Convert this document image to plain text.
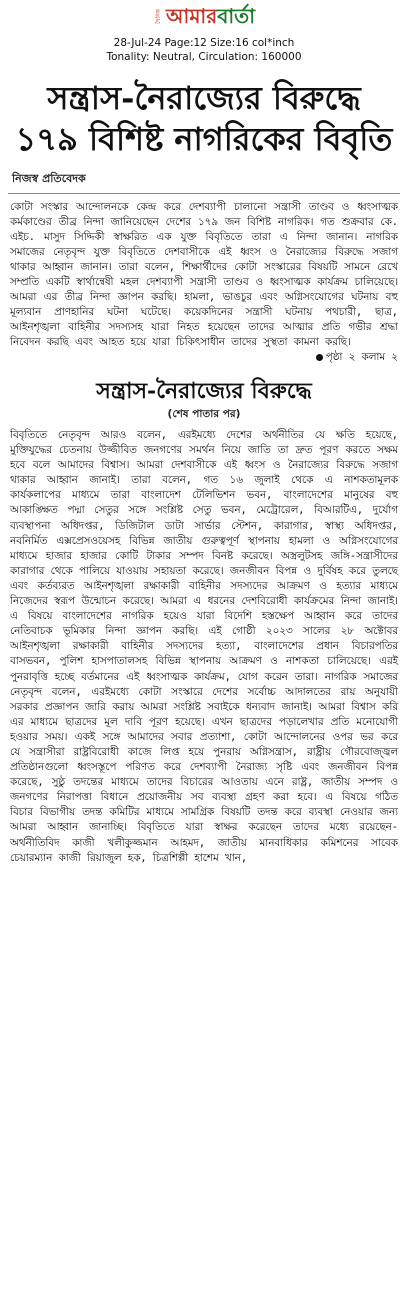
দৈনিক আমারবার্তা
28-Jul-24 Page:12 Size:16 col*inch
Tonality: Neutral, Circulation: 160000
সন্ত্রাস-নৈরাজ্যের বিরুদ্ধে ১৭৯ বিশিষ্ট নাগরিকের বিবৃতি
নিজস্ব প্রতিবেদক
কোটা সংস্কার আন্দোলনকে কেন্দ্র করে দেশব্যাপী চালানো সন্ত্রাসী তাণ্ডব ও ধ্বংসাত্মক কর্মকাণ্ডের তীব্র নিন্দা জানিয়েছেন দেশের ১৭৯ জন বিশিষ্ট নাগরিক। গত শুক্রবার কে. এইচ. মাসুদ সিদ্দিকী স্বাক্ষরিত এক যুক্ত বিবৃতিতে তারা এ নিন্দা জানান। নাগরিক সমাজের নেতৃবৃন্দ যুক্ত বিবৃতিতে দেশবাসীকে এই ধ্বংস ও নৈরাজ্যের বিরুদ্ধে সজাগ থাকার আহ্বান জানান। তারা বলেন, শিক্ষার্থীদের কোটা সংস্কারের বিষয়টি সামনে রেখে সম্প্রতি একটি স্বার্থান্বেষী মহল দেশব্যাপী সন্ত্রাসী তাণ্ডব ও ধ্বংসাত্মক কার্যক্রম চালিয়েছে। আমরা এর তীব্র নিন্দা জ্ঞাপন করছি। হামলা, ভাঙচুর এবং অগ্নিসংযোগের ঘটনায় বহু মূল্যবান প্রাণহানির ঘটনা ঘটেছে। কয়েকদিনের সন্ত্রাসী ঘটনায় পথচারী, ছাত্র, আইনশৃঙ্খলা বাহিনীর সদস্যসহ যারা নিহত হয়েছেন তাদের আত্মার প্রতি গভীর শ্রদ্ধা নিবেদন করছি এবং আহত হয়ে যারা চিকিৎসাধীন তাদের সুস্থতা কামনা করছি।
পৃষ্ঠা ২ কলাম ২
সন্ত্রাস-নৈরাজ্যের বিরুদ্ধে
(শেষ পাতার পর)
বিবৃতিতে নেতৃবৃন্দ আরও বলেন, এরইমধ্যে দেশের অর্থনীতির যে ক্ষতি হয়েছে, মুক্তিযুদ্ধের চেতনায় উজ্জীবিত জনগণের সমর্থন নিয়ে জাতি তা দ্রুত পূরণ করতে সক্ষম হবে বলে আমাদের বিশ্বাস। আমরা দেশবাসীকে এই ধ্বংস ও নৈরাজ্যের বিরুদ্ধে সজাগ থাকার আহ্বান জানাই। তারা বলেন, গত ১৬ জুলাই থেকে এ নাশকতামূলক কার্যকলাপের মাধ্যমে তারা বাংলাদেশ টেলিভিশন ভবন, বাংলাদেশের মানুষের বহু আকাঙ্ক্ষিত পদ্মা সেতুর সঙ্গে সংশ্লিষ্ট সেতু ভবন, মেট্রোরেল, বিআরটিএ, দুর্যোগ ব্যবস্থাপনা অধিদপ্তর, ডিজিটাল ডাটা সার্ভার স্টেশন, কারাগার, স্বাস্থ্য অধিদপ্তর, নবনির্মিত এক্সপ্রেসওয়েসহ বিভিন্ন জাতীয় গুরুত্বপূর্ণ স্থাপনায় হামলা ও অগ্নিসংযোগের মাধ্যমে হাজার হাজার কোটি টাকার সম্পদ বিনষ্ট করেছে। অস্ত্রলুটসহ জঙ্গি-সন্ত্রাসীদের কারাগার থেকে পালিয়ে যাওয়ায় সহায়তা করেছে। জনজীবন বিপন্ন ও দুর্বিষহ করে তুলছে এবং কর্তব্যরত আইনশৃঙ্খলা রক্ষাকারী বাহিনীর সদস্যদের আক্রমণ ও হত্যার মাধ্যমে নিজেদের স্বরূপ উন্মোচন করেছে। আমরা এ ধরনের দেশবিরোধী কার্যক্রমের নিন্দা জানাই। এ বিষয়ে বাংলাদেশের নাগরিক হয়েও যারা বিদেশি হস্তক্ষেপ আহ্বান করে তাদের নেতিবাচক ভূমিকার নিন্দা জ্ঞাপন করছি। এই গোষ্ঠী ২০২৩ সালের ২৮ অক্টোবর আইনশৃঙ্খলা রক্ষাকারী বাহিনীর সদস্যদের হত্যা, বাংলাদেশের প্রধান বিচারপতির বাসভবন, পুলিশ হাসপাতালসহ বিভিন্ন স্থাপনায় আক্রমণ ও নাশকতা চালিয়েছে। এরই পুনরাবৃত্তি হচ্ছে বর্তমানের এই ধ্বংসাত্মক কার্যক্রম, যোগ করেন তারা। নাগরিক সমাজের নেতৃবৃন্দ বলেন, এরইমধ্যে কোটা সংস্কারে দেশের সর্বোচ্চ আদালতের রায় অনুযায়ী সরকার প্রজ্ঞাপন জারি করায় আমরা সংশ্লিষ্ট সবাইকে ধন্যবাদ জানাই। আমরা বিশ্বাস করি এর মাধ্যমে ছাত্রদের মূল দাবি পূরণ হয়েছে। এখন ছাত্রদের পড়ালেখার প্রতি মনোযোগী হওয়ার সময়। একই সঙ্গে আমাদের সবার প্রত্যাশা, কোটা আন্দোলনের ওপর ভর করে যে সন্ত্রাসীরা রাষ্ট্রবিরোধী কাজে লিপ্ত হয়ে পুনরায় অগ্নিসন্ত্রাস, রাষ্ট্রীয় গৌরবোজ্জ্বল প্রতিষ্ঠানগুলো ধ্বংসস্তূপে পরিণত করে দেশব্যাপী নৈরাজ্য সৃষ্টি এবং জনজীবন বিপন্ন করেছে, সুষ্ঠু তদন্তের মাধ্যমে তাদের বিচারের আওতায় এনে রাষ্ট্র, জাতীয় সম্পদ ও জনগণের নিরাপত্তা বিধানে প্রয়োজনীয় সব ব্যবস্থা গ্রহণ করা হবে। এ বিষয়ে গঠিত বিচার বিভাগীয় তদন্ত কমিটির মাধ্যমে সামগ্রিক বিষয়টি তদন্ত করে ব্যবস্থা নেওয়ার জন্য আমরা আহ্বান জানাচ্ছি। বিবৃতিতে যারা স্বাক্ষর করেছেন তাদের মধ্যে রয়েছেন- অর্থনীতিবিদ কাজী খলীকুজ্জমান আহমদ, জাতীয় মানবাধিকার কমিশনের সাবেক চেয়ারম্যান কাজী রিয়াজুল হক, চিত্রশিল্পী হাশেম খান,
